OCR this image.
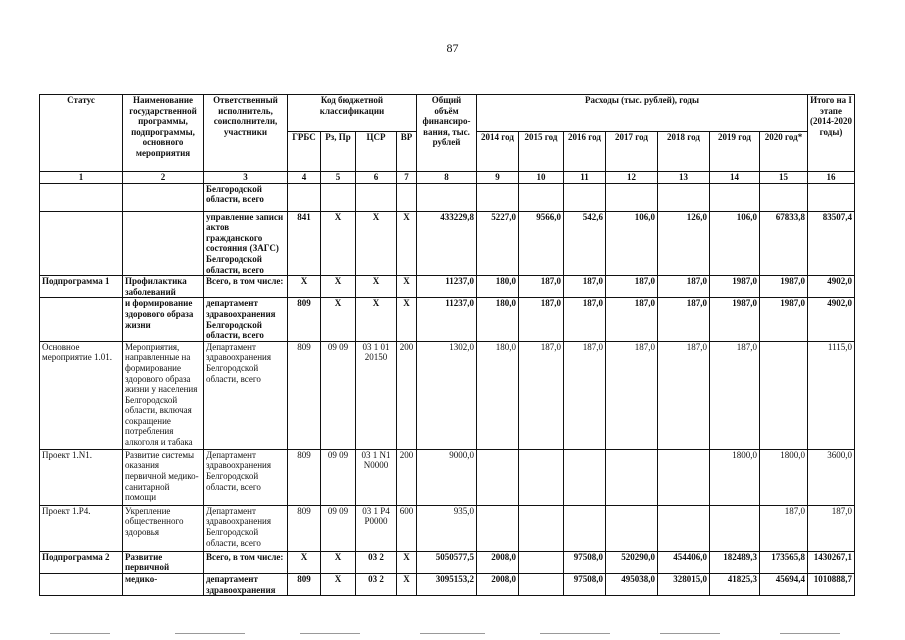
87
Статус	Наименование государственной программы, подпрограммы, основного мероприятия	Ответственный исполнитель, соисполнители, участники	Код бюджетной классификации				Общий объём финансиро-вания, тыс. рублей	Расходы (тыс. рублей), годы							Итого на I этапе (2014-2020 годы)
			ГРБС	Рз, Пр	ЦСР	ВР		2014 год	2015 год	2016 год	2017 год	2018 год	2019 год	2020 год*	
1	2	3	4	5	6	7	8	9	10	11	12	13	14	15	16
		Белгородской области, всего													
		управление записи актов гражданского состояния (ЗАГС) Белгородской области, всего	841	Х	Х	Х	433229,8	5227,0	9566,0	542,6	106,0	126,0	106,0	67833,8	83507,4
Подпрограмма 1	Профилактика заболеваний	Всего, в том числе:	Х	Х	Х	Х	11237,0	180,0	187,0	187,0	187,0	187,0	1987,0	1987,0	4902,0
	и формирование здорового образа жизни	департамент здравоохранения Белгородской области, всего	809	Х	Х	Х	11237,0	180,0	187,0	187,0	187,0	187,0	1987,0	1987,0	4902,0
Основное мероприятие 1.01.	Мероприятия, направленные на формирование здорового образа жизни у населения Белгородской области, включая сокращение потребления алкоголя и табака	Департамент здравоохранения Белгородской области, всего	809	09 09	03 1 01 20150	200	1302,0	180,0	187,0	187,0	187,0	187,0	187,0		1115,0
Проект 1.N1.	Развитие системы оказания первичной медико-санитарной помощи	Департамент здравоохранения Белгородской области, всего	809	09 09	03 1 N1 N0000	200	9000,0						1800,0	1800,0	3600,0
Проект 1.Р4.	Укрепление общественного здоровья	Департамент здравоохранения Белгородской области, всего	809	09 09	03 1 Р4 Р0000	600	935,0							187,0	187,0
Подпрограмма 2	Развитие первичной	Всего, в том числе:	Х	Х	03 2	Х	5050577,5	2008,0		97508,0	520290,0	454406,0	182489,3	173565,8	1430267,1
	медико-	департамент здравоохранения	809	Х	03 2	Х	3095153,2	2008,0		97508,0	495038,0	328015,0	41825,3	45694,4	1010888,7
